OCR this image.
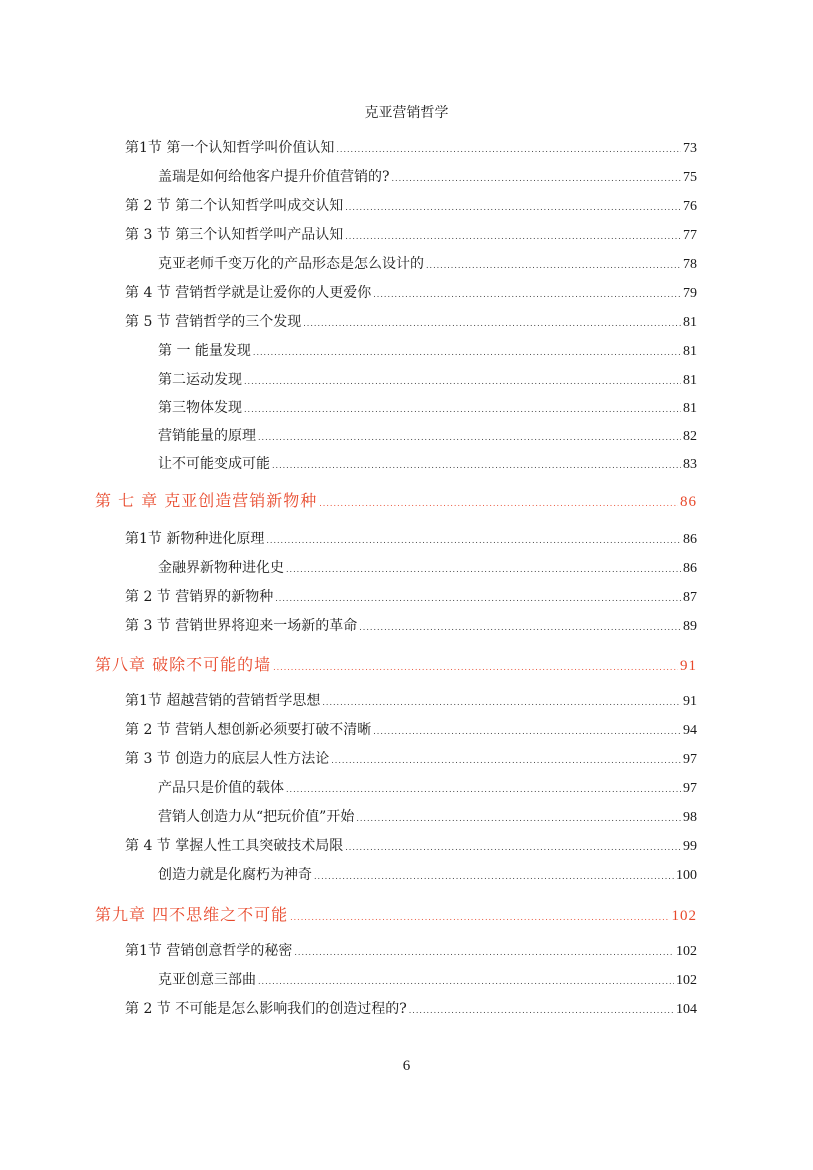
克亚营销哲学
第1节 第一个认知哲学叫价值认知 .....	73
盖瑞是如何给他客户提升价值营销的? .....	75
第 2 节 第二个认知哲学叫成交认知 .....	76
第 3 节 第三个认知哲学叫产品认知 .....	77
克亚老师千变万化的产品形态是怎么设计的 .....	78
第 4 节 营销哲学就是让爱你的人更爱你 .....	79
第 5 节 营销哲学的三个发现 .....	81
第 一 能量发现 .....	81
第二运动发现 .....	81
第三物体发现 .....	81
营销能量的原理 .....	82
让不可能变成可能 .....	83
第 七 章 克亚创造营销新物种 .....	86
第1节 新物种进化原理 .....	86
金融界新物种进化史 .....	86
第 2 节 营销界的新物种 .....	87
第 3 节 营销世界将迎来一场新的革命 .....	89
第八章 破除不可能的墙 .....	91
第1节 超越营销的营销哲学思想 .....	91
第 2 节 营销人想创新必须要打破不清晰 .....	94
第 3 节 创造力的底层人性方法论 .....	97
产品只是价值的载体 .....	97
营销人创造力从“把玩价值”开始 .....	98
第 4 节 掌握人性工具突破技术局限 .....	99
创造力就是化腐朽为神奇 .....	100
第九章 四不思维之不可能 .....	102
第1节 营销创意哲学的秘密 .....	102
克亚创意三部曲 .....	102
第 2 节 不可能是怎么影响我们的创造过程的? .....	104
6
